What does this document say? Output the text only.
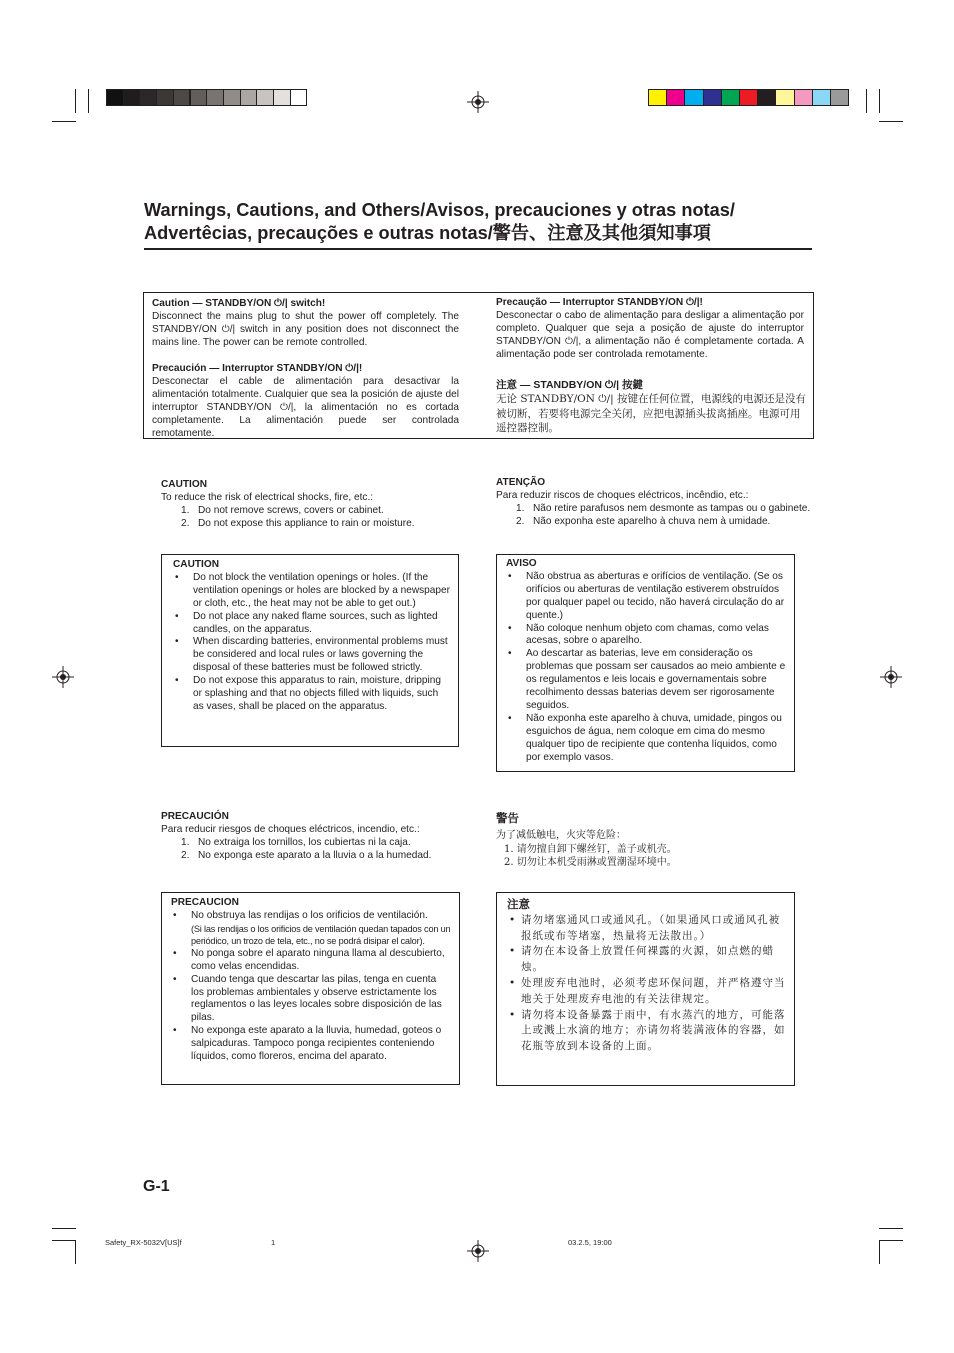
Warnings, Cautions, and Others/Avisos, precauciones y otras notas/
Advertêcias, precauções e outras notas/警告、注意及其他須知事項
Caution — STANDBY/ON ⏻/| switch!
Disconnect the mains plug to shut the power off completely. The STANDBY/ON ⏻/| switch in any position does not disconnect the mains line. The power can be remote controlled.
Precaución — Interruptor STANDBY/ON ⏻/|!
Desconectar el cable de alimentación para desactivar la alimentación totalmente. Cualquier que sea la posición de ajuste del interruptor STANDBY/ON ⏻/|, la alimentación no es cortada completamente. La alimentación puede ser controlada remotamente.
Precaução — Interruptor STANDBY/ON ⏻/|!
Desconectar o cabo de alimentação para desligar a alimentação por completo. Qualquer que seja a posição de ajuste do interruptor STANDBY/ON ⏻/|, a alimentação não é completamente cortada. A alimentação pode ser controlada remotamente.
注意 — STANDBY/ON ⏻/| 按鍵
无论 STANDBY/ON ⏻/| 按键在任何位置，电源线的电源还是没有被切断，若要将电源完全关闭，应把电源插头拔离插座。电源可用遥控器控制。
CAUTION
To reduce the risk of electrical shocks, fire, etc.:
1. Do not remove screws, covers or cabinet.
2. Do not expose this appliance to rain or moisture.
ATENÇÃO
Para reduzir riscos de choques eléctricos, incêndio, etc.:
1. Não retire parafusos nem desmonte as tampas ou o gabinete.
2. Não exponha este aparelho à chuva nem à umidade.
CAUTION
• Do not block the ventilation openings or holes. (If the ventilation openings or holes are blocked by a newspaper or cloth, etc., the heat may not be able to get out.)
• Do not place any naked flame sources, such as lighted candles, on the apparatus.
• When discarding batteries, environmental problems must be considered and local rules or laws governing the disposal of these batteries must be followed strictly.
• Do not expose this apparatus to rain, moisture, dripping or splashing and that no objects filled with liquids, such as vases, shall be placed on the apparatus.
AVISO
• Não obstrua as aberturas e orifícios de ventilação. (Se os orifícios ou aberturas de ventilação estiverem obstruídos por qualquer papel ou tecido, não haverá circulação do ar quente.)
• Não coloque nenhum objeto com chamas, como velas acesas, sobre o aparelho.
• Ao descartar as baterias, leve em consideração os problemas que possam ser causados ao meio ambiente e os regulamentos e leis locais e governamentais sobre recolhimento dessas baterias devem ser rigorosamente seguidos.
• Não exponha este aparelho à chuva, umidade, pingos ou esguichos de água, nem coloque em cima do mesmo qualquer tipo de recipiente que contenha líquidos, como por exemplo vasos.
PRECAUCIÓN
Para reducir riesgos de choques eléctricos, incendio, etc.:
1. No extraiga los tornillos, los cubiertas ni la caja.
2. No exponga este aparato a la lluvia o a la humedad.
警告
为了减低触电，火灾等危险：
1. 请勿擅自卸下螺丝钉，盖子或机壳。
2. 切勿让本机受雨淋或置潮湿环境中。
PRECAUCION
• No obstruya las rendijas o los orificios de ventilación.
(Si las rendijas o los orificios de ventilación quedan tapados con un periódico, un trozo de tela, etc., no se podrá disipar el calor).
• No ponga sobre el aparato ninguna llama al descubierto, como velas encendidas.
• Cuando tenga que descartar las pilas, tenga en cuenta los problemas ambientales y observe estrictamente los reglamentos o las leyes locales sobre disposición de las pilas.
• No exponga este aparato a la lluvia, humedad, goteos o salpicaduras. Tampoco ponga recipientes conteniendo líquidos, como floreros, encima del aparato.
注意
• 请勿堵塞通风口或通风孔。（如果通风口或通风孔被报纸或布等堵塞，热量将无法散出。）
• 请勿在本设备上放置任何裸露的火源，如点燃的蜡烛。
• 处理废弃电池时，必须考虑环保问题，并严格遵守当地关于处理废弃电池的有关法律规定。
• 请勿将本设备暴露于雨中，有水蒸汽的地方，可能落上或溅上水滴的地方；亦请勿将装满液体的容器，如花瓶等放到本设备的上面。
G-1
Safety_RX-5032V[US]f	1	03.2.5, 19:00
